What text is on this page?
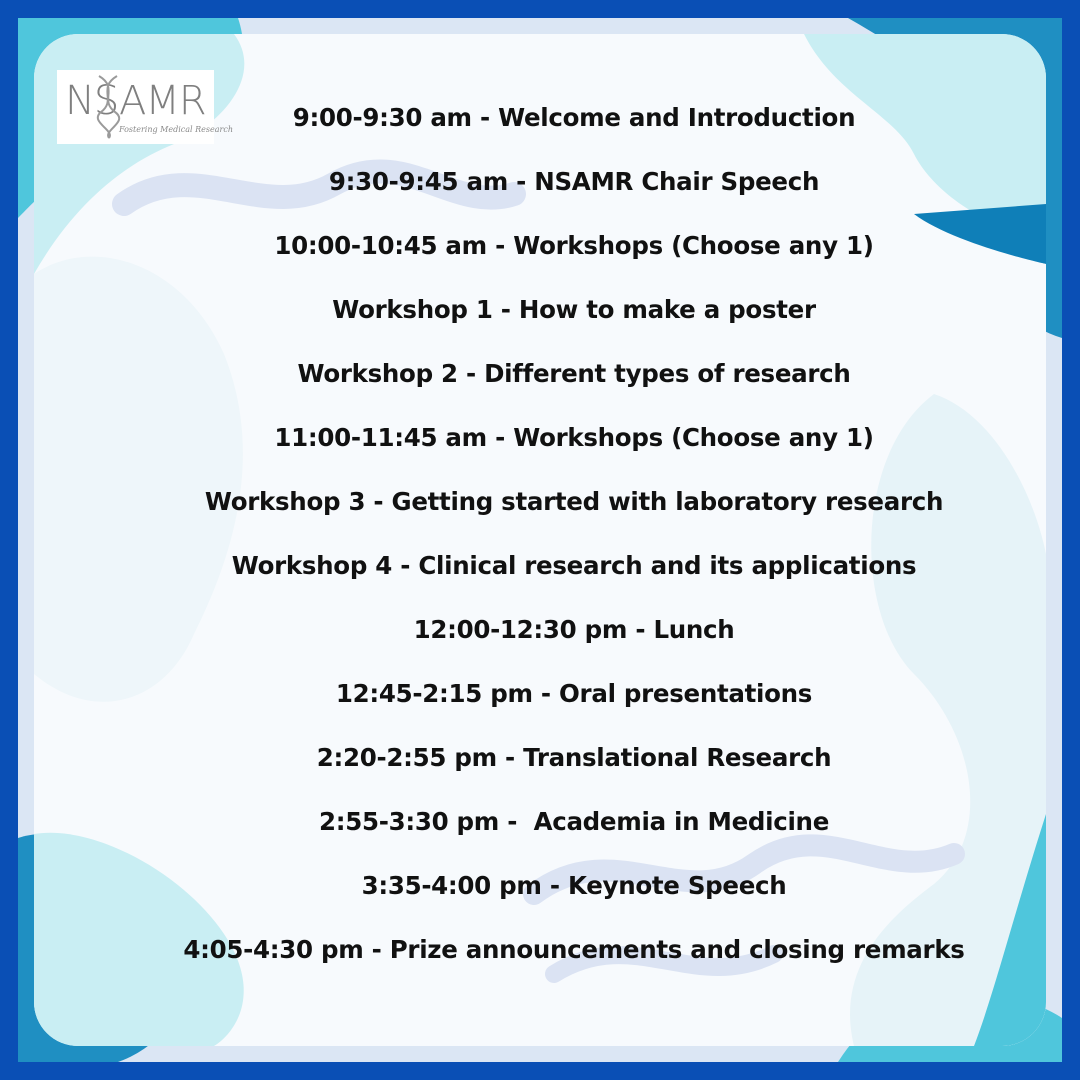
NSAMR
Fostering Medical Research	9:00-9:30 am - Welcome and Introduction
9:30-9:45 am - NSAMR Chair Speech
10:00-10:45 am - Workshops (Choose any 1)
Workshop 1 - How to make a poster
Workshop 2 - Different types of research
11:00-11:45 am - Workshops (Choose any 1)
Workshop 3 - Getting started with laboratory research
Workshop 4 - Clinical research and its applications
12:00-12:30 pm - Lunch
12:45-2:15 pm - Oral presentations
2:20-2:55 pm - Translational Research
2:55-3:30 pm -  Academia in Medicine
3:35-4:00 pm - Keynote Speech
4:05-4:30 pm - Prize announcements and closing remarks
